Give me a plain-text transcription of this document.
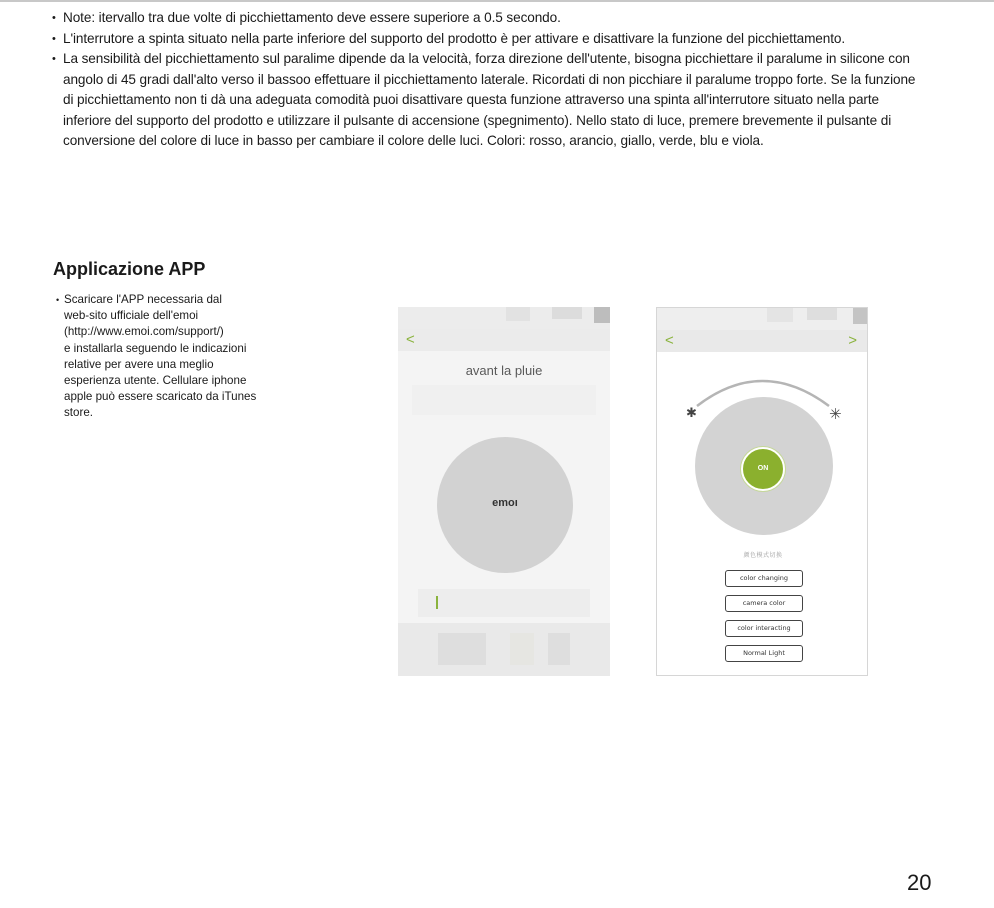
• Note: itervallo tra due volte di picchiettamento deve essere superiore a 0.5 secondo.
• L'interrutore a spinta situato nella parte inferiore del supporto del prodotto è per attivare e disattivare la funzione del picchiettamento.
• La sensibilità del picchiettamento sul paralime dipende da la velocità, forza direzione dell'utente, bisogna picchiettare il paralume in silicone con angolo di 45 gradi dall'alto verso il bassoo effettuare il picchiettamento laterale. Ricordati di non picchiare il paralume troppo forte. Se la funzione di picchiettamento non ti dà una adeguata comodità puoi disattivare questa funzione attraverso una spinta all'interrutore situato nella parte inferiore del supporto del prodotto e utilizzare il pulsante di accensione (spegnimento). Nello stato di luce, premere brevemente il pulsante di conversione del colore di luce in basso per cambiare il colore delle luci. Colori: rosso, arancio, giallo, verde, blu e viola.
Applicazione APP
• Scaricare l'APP necessaria dal
web-sito ufficiale dell'emoi
(http://www.emoi.com/support/)
e installarla seguendo le indicazioni
relative per avere una meglio
esperienza utente. Cellulare iphone
apple può essere scaricato da iTunes
store.
<
avant la pluie
emoı
<	>
✱	✳
ON
颜色模式切换
color changing
camera color
color interacting
Normal Light
20
